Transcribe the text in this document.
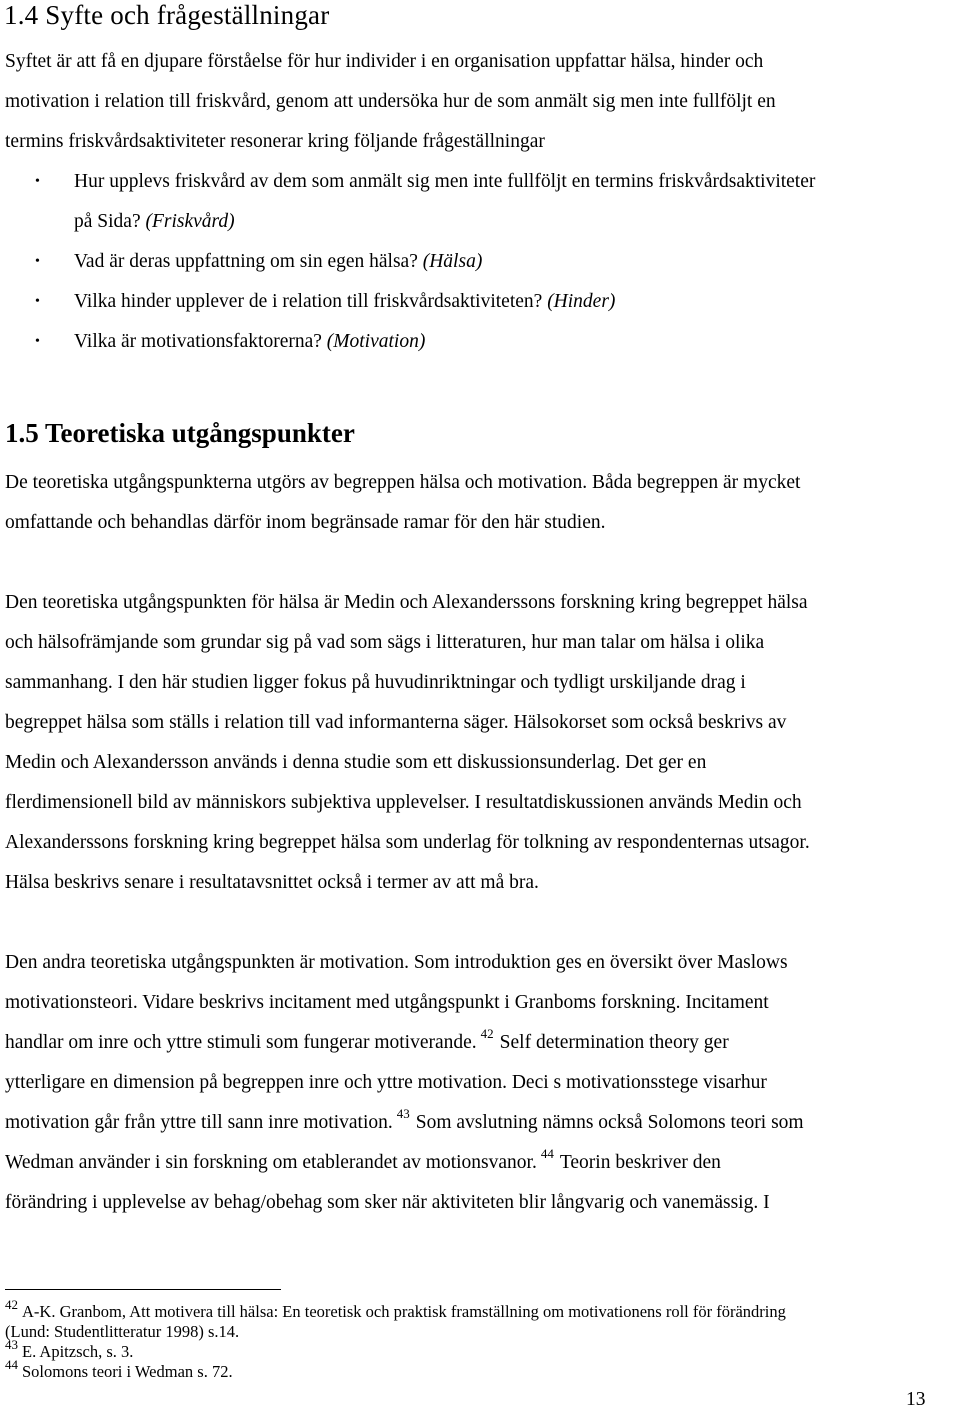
1.4 Syfte och frågeställningar

Syftet är att få en djupare förståelse för hur individer i en organisation uppfattar hälsa, hinder och
motivation i relation till friskvård, genom att undersöka hur de som anmält sig men inte fullföljt en
termins friskvårdsaktiviteter resonerar kring följande frågeställningar

• Hur upplevs friskvård av dem som anmält sig men inte fullföljt en termins friskvårdsaktiviteter
på Sida? (Friskvård)
• Vad är deras uppfattning om sin egen hälsa? (Hälsa)
• Vilka hinder upplever de i relation till friskvårdsaktiviteten? (Hinder)
• Vilka är motivationsfaktorerna? (Motivation)
1.5 Teoretiska utgångspunkter

De teoretiska utgångspunkterna utgörs av begreppen hälsa och motivation. Båda begreppen är mycket
omfattande och behandlas därför inom begränsade ramar för den här studien.

Den teoretiska utgångspunkten för hälsa är Medin och Alexanderssons forskning kring begreppet hälsa
och hälsofrämjande som grundar sig på vad som sägs i litteraturen, hur man talar om hälsa i olika
sammanhang. I den här studien ligger fokus på huvudinriktningar och tydligt urskiljande drag i
begreppet hälsa som ställs i relation till vad informanterna säger. Hälsokorset som också beskrivs av
Medin och Alexandersson används i denna studie som ett diskussionsunderlag. Det ger en
flerdimensionell bild av människors subjektiva upplevelser. I resultatdiskussionen används Medin och
Alexanderssons forskning kring begreppet hälsa som underlag för tolkning av respondenternas utsagor.
Hälsa beskrivs senare i resultatavsnittet också i termer av att må bra.

Den andra teoretiska utgångspunkten är motivation. Som introduktion ges en översikt över Maslows
motivationsteori. Vidare beskrivs incitament med utgångspunkt i Granboms forskning. Incitament
handlar om inre och yttre stimuli som fungerar motiverande. $^{42}$ Self determination theory ger
ytterligare en dimension på begreppen inre och yttre motivation. Deci s motivationsstege visarhur
motivation går från yttre till sann inre motivation. $^{43}$ Som avslutning nämns också Solomons teori som
Wedman använder i sin forskning om etablerandet av motionsvanor. $^{44}$ Teorin beskriver den
förändring i upplevelse av behag/obehag som sker när aktiviteten blir långvarig och vanemässig. I

$^{42}$ A-K. Granbom, Att motivera till hälsa: En teoretisk och praktisk framställning om motivationens roll för förändring
(Lund: Studentlitteratur 1998) s.14.
$^{43}$ E. Apitzsch, s. 3.
$^{44}$ Solomons teori i Wedman s. 72.
13
